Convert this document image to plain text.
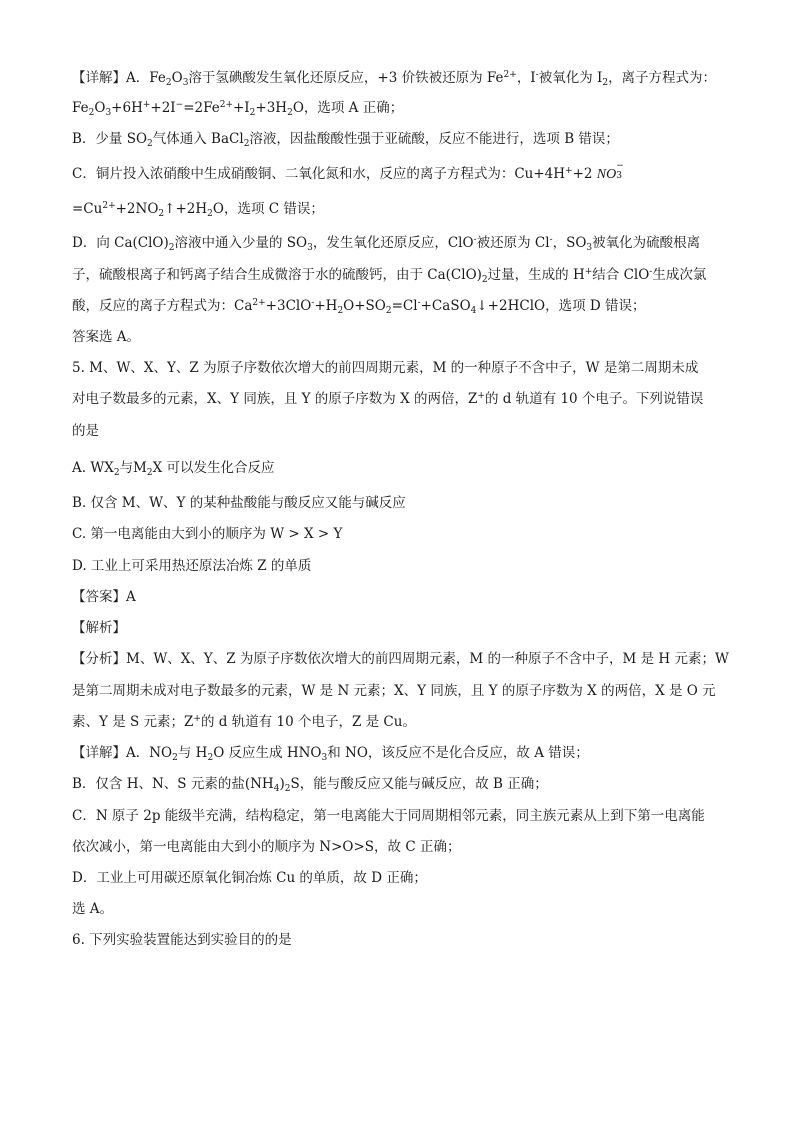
【详解】A．$Fe_2O_3$溶于氢碘酸发生氧化还原反应，+3 价铁被还原为 $Fe^{2+}$，I-被氧化为 $I_2$，离子方程式为：
$Fe_2O_3+6H^++2I^-=2Fe^{2+}+I_2+3H_2O$，选项 A 正确；
B．少量 $SO_2$气体通入 BaCl$_2$溶液，因盐酸酸性强于亚硫酸，反应不能进行，选项 B 错误；
C．铜片投入浓硝酸中生成硝酸铜、二氧化氮和水，反应的离子方程式为：Cu+4H++2 NO
−
3
$=Cu^{2+}+2NO_2↑+2H_2O$，选项 C 错误；
D．向 $Ca(ClO)_2$溶液中通入少量的 $SO_3$，发生氧化还原反应，ClO-被还原为 Cl-，$SO_3$被氧化为硫酸根离
子，硫酸根离子和钙离子结合生成微溶于水的硫酸钙，由于 $Ca(ClO)_2$过量，生成的 H+结合 ClO-生成次氯
酸，反应的离子方程式为：$Ca^{2+}+3ClO^-+H_2O+SO_2=Cl^-+CaSO_4↓+2HClO$，选项 D 错误；
答案选 A。
5. M、W、X、Y、Z 为原子序数依次增大的前四周期元素，M 的一种原子不含中子，W 是第二周期未成
对电子数最多的元素，X、Y 同族，且 Y 的原子序数为 X 的两倍，Z+的 d 轨道有 10 个电子。下列说错误
的是
A. $WX_2$与$M_2X$ 可以发生化合反应
B. 仅含 M、W、Y 的某种盐酸能与酸反应又能与碱反应
C. 第一电离能由大到小的顺序为 W > X > Y
D. 工业上可采用热还原法冶炼 Z 的单质
【答案】A
【解析】
【分析】M、W、X、Y、Z 为原子序数依次增大的前四周期元素，M 的一种原子不含中子，M 是 H 元素；W
是第二周期未成对电子数最多的元素，W 是 N 元素；X、Y 同族，且 Y 的原子序数为 X 的两倍，X 是 O 元
素、Y 是 S 元素；Z+的 d 轨道有 10 个电子，Z 是 Cu。
【详解】A．$NO_2$与 $H_2O$ 反应生成 $HNO_3$和 NO，该反应不是化合反应，故 A 错误；
B．仅含 H、N、S 元素的盐$(NH_4)_2S$，能与酸反应又能与碱反应，故 B 正确；
C．N 原子 2p 能级半充满，结构稳定，第一电离能大于同周期相邻元素，同主族元素从上到下第一电离能
依次减小，第一电离能由大到小的顺序为 N>O>S，故 C 正确；
D．工业上可用碳还原氧化铜冶炼 Cu 的单质，故 D 正确；
选 A。
6. 下列实验装置能达到实验目的的是
